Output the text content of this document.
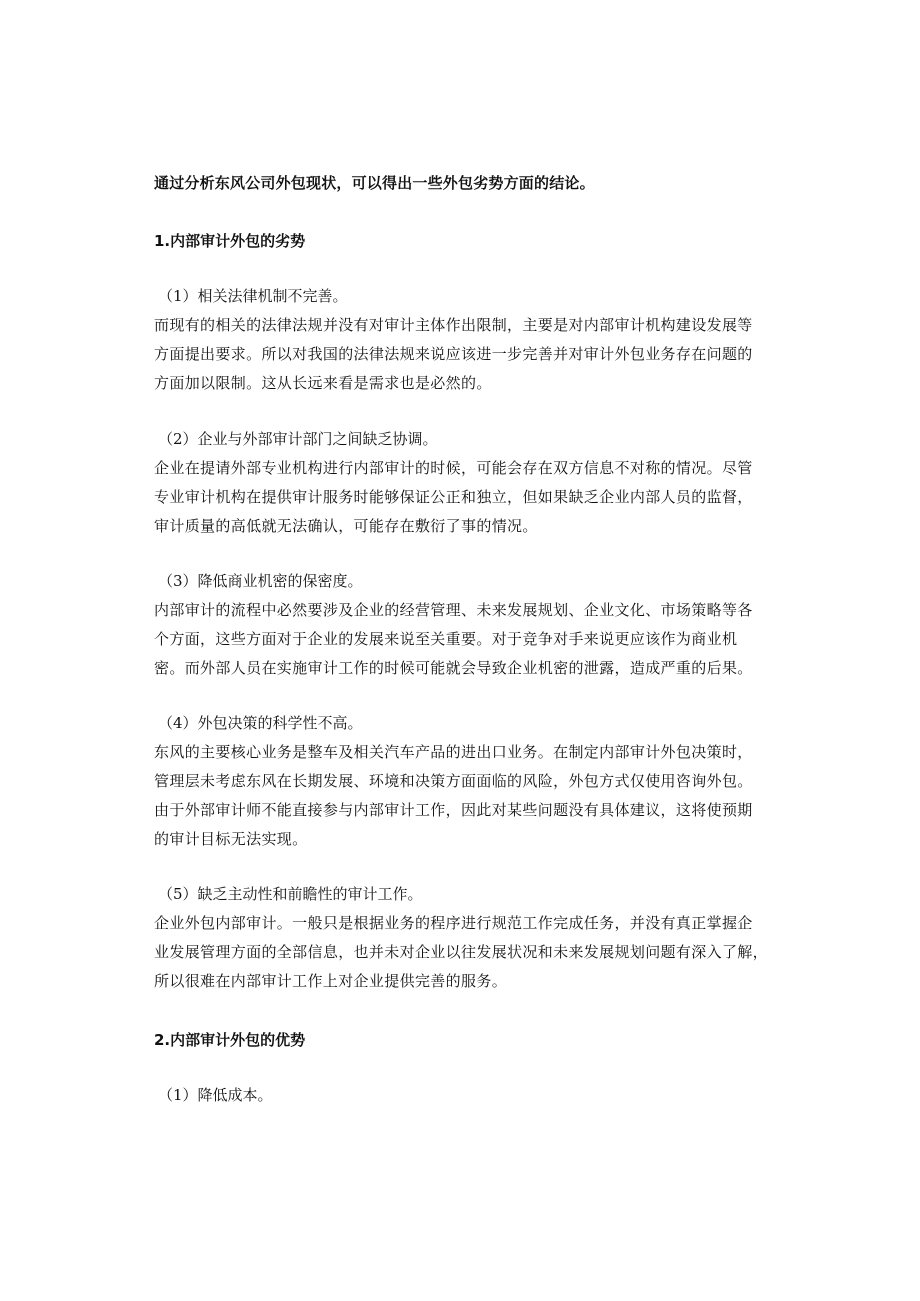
通过分析东风公司外包现状，可以得出一些外包劣势方面的结论。
1.内部审计外包的劣势
（1）相关法律机制不完善。
而现有的相关的法律法规并没有对审计主体作出限制，主要是对内部审计机构建设发展等
方面提出要求。所以对我国的法律法规来说应该进一步完善并对审计外包业务存在问题的
方面加以限制。这从长远来看是需求也是必然的。
（2）企业与外部审计部门之间缺乏协调。
企业在提请外部专业机构进行内部审计的时候，可能会存在双方信息不对称的情况。尽管
专业审计机构在提供审计服务时能够保证公正和独立，但如果缺乏企业内部人员的监督，
审计质量的高低就无法确认，可能存在敷衍了事的情况。
（3）降低商业机密的保密度。
内部审计的流程中必然要涉及企业的经营管理、未来发展规划、企业文化、市场策略等各
个方面，这些方面对于企业的发展来说至关重要。对于竞争对手来说更应该作为商业机
密。而外部人员在实施审计工作的时候可能就会导致企业机密的泄露，造成严重的后果。
（4）外包决策的科学性不高。
东风的主要核心业务是整车及相关汽车产品的进出口业务。在制定内部审计外包决策时，
管理层未考虑东风在长期发展、环境和决策方面面临的风险，外包方式仅使用咨询外包。
由于外部审计师不能直接参与内部审计工作，因此对某些问题没有具体建议，这将使预期
的审计目标无法实现。
（5）缺乏主动性和前瞻性的审计工作。
企业外包内部审计。一般只是根据业务的程序进行规范工作完成任务，并没有真正掌握企
业发展管理方面的全部信息，也并未对企业以往发展状况和未来发展规划问题有深入了解，
所以很难在内部审计工作上对企业提供完善的服务。
2.内部审计外包的优势
（1）降低成本。
